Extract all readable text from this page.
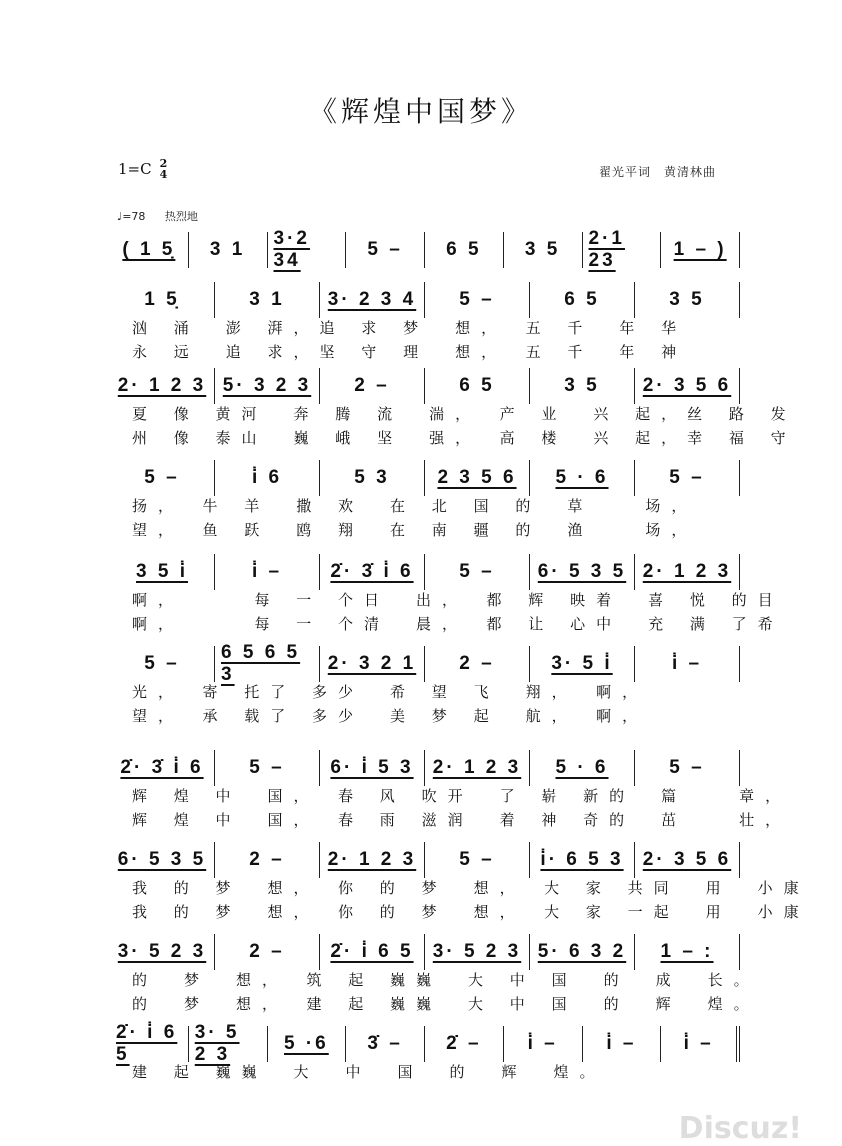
《辉煌中国梦》
1=C 2
4	翟光平词　黄清林曲
♩=78 热烈地
( 1 5̣ 3 1
3·2 34
5 – 6 5 3 5
2·1 23
1 – )
1 5̣	3 1 3· 2 3 4 5 –	6 5	3 5
汹 涌　澎 湃，追 求 梦　想，　五 千　年 华
永 远　追 求，坚 守 理　想，　五 千　年 神
2· 1 2 3 5· 3 2 3 2 –	6 5	3 5 2· 3 5 6
夏 像 黄河　奔 腾 流　湍，　产 业　兴 起，丝 路 发
州 像 泰山　巍 峨 坚　强，　高 楼　兴 起，幸 福 守
5 –	i̇ 6	5 3	2 3 5 6 5 · 6	5 –
扬，　牛 羊　撒 欢　在 北 国 的　草　　场，
望，　鱼 跃　鸥 翔　在 南 疆 的　渔　　场，
3 5 i̇	i̇ –	2̇· 3̇ i̇ 6 5 – 6· 5 3 5 2· 1 2 3
啊，　　　每 一 个日　出，　都 辉 映着　喜 悦 的目
啊，　　　每 一 个清　晨，　都 让 心中　充 满 了希
5 –
6 5 6 5 3
2· 3 2 1 2 –	3· 5 i̇	i̇ –
光，　寄 托了 多少　希 望 飞　翔，　啊，
望，　承 载了 多少　美 梦 起　航，　啊，
2̇· 3̇ i̇ 6 5 – 6· i̇ 5 3 2· 1 2 3 5 · 6	5 –
辉 煌 中　国，　春 风 吹开　了 崭 新的　篇　　章，
辉 煌 中　国，　春 雨 滋润　着 神 奇的　茁　　壮，
6· 5 3 5 2 – 2· 1 2 3 5 – i̇· 6 5 3 2· 3 5 6
我 的 梦　想，　你 的 梦　想，　大 家 共同　用　小康
我 的 梦　想，　你 的 梦　想，　大 家 一起　用　小康
3· 5 2 3 2 – 2̇· i̇ 6 5 3· 5 2 3 5· 6 3 2 1 – :
的　梦　想，　筑 起 巍巍　大 中 国　的　成　长。
的　梦　想，　建 起 巍巍　大 中 国　的　辉　煌。
2̇· i̇ 6 5
3· 5 2 3
5 ·6 3̇ – 2̇ – i̇ –	i̇ – i̇ –
建 起 巍巍　大　中　国　的　辉　煌。
Discuz!
